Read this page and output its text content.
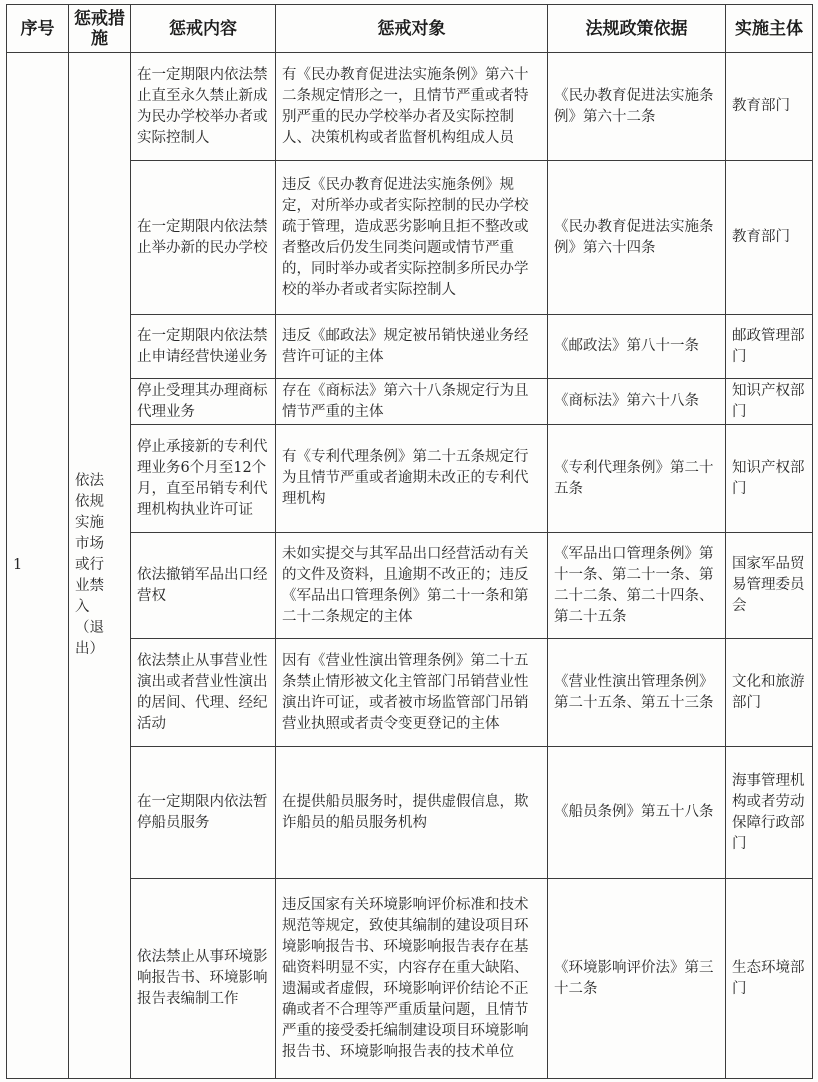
序号	惩戒措施	惩戒内容	惩戒对象	法规政策依据	实施主体
1	依法依规实施市场或行业禁入（退出）	在一定期限内依法禁止直至永久禁止新成为民办学校举办者或实际控制人	有《民办教育促进法实施条例》第六十二条规定情形之一，且情节严重或者特别严重的民办学校举办者及实际控制人、决策机构或者监督机构组成人员	《民办教育促进法实施条例》第六十二条	教育部门
		在一定期限内依法禁止举办新的民办学校	违反《民办教育促进法实施条例》规定，对所举办或者实际控制的民办学校疏于管理，造成恶劣影响且拒不整改或者整改后仍发生同类问题或情节严重的，同时举办或者实际控制多所民办学校的举办者或者实际控制人	《民办教育促进法实施条例》第六十四条	教育部门
		在一定期限内依法禁止申请经营快递业务	违反《邮政法》规定被吊销快递业务经营许可证的主体	《邮政法》第八十一条	邮政管理部门
		停止受理其办理商标代理业务	存在《商标法》第六十八条规定行为且情节严重的主体	《商标法》第六十八条	知识产权部门
		停止承接新的专利代理业务6个月至12个月，直至吊销专利代理机构执业许可证	有《专利代理条例》第二十五条规定行为且情节严重或者逾期未改正的专利代理机构	《专利代理条例》第二十五条	知识产权部门
		依法撤销军品出口经营权	未如实提交与其军品出口经营活动有关的文件及资料，且逾期不改正的；违反《军品出口管理条例》第二十一条和第二十二条规定的主体	《军品出口管理条例》第十一条、第二十一条、第二十二条、第二十四条、第二十五条	国家军品贸易管理委员会
		依法禁止从事营业性演出或者营业性演出的居间、代理、经纪活动	因有《营业性演出管理条例》第二十五条禁止情形被文化主管部门吊销营业性演出许可证，或者被市场监管部门吊销营业执照或者责令变更登记的主体	《营业性演出管理条例》第二十五条、第五十三条	文化和旅游部门
		在一定期限内依法暂停船员服务	在提供船员服务时，提供虚假信息，欺诈船员的船员服务机构	《船员条例》第五十八条	海事管理机构或者劳动保障行政部门
		依法禁止从事环境影响报告书、环境影响报告表编制工作	违反国家有关环境影响评价标准和技术规范等规定，致使其编制的建设项目环境影响报告书、环境影响报告表存在基础资料明显不实，内容存在重大缺陷、遗漏或者虚假，环境影响评价结论不正确或者不合理等严重质量问题，且情节严重的接受委托编制建设项目环境影响报告书、环境影响报告表的技术单位	《环境影响评价法》第三十二条	生态环境部门
